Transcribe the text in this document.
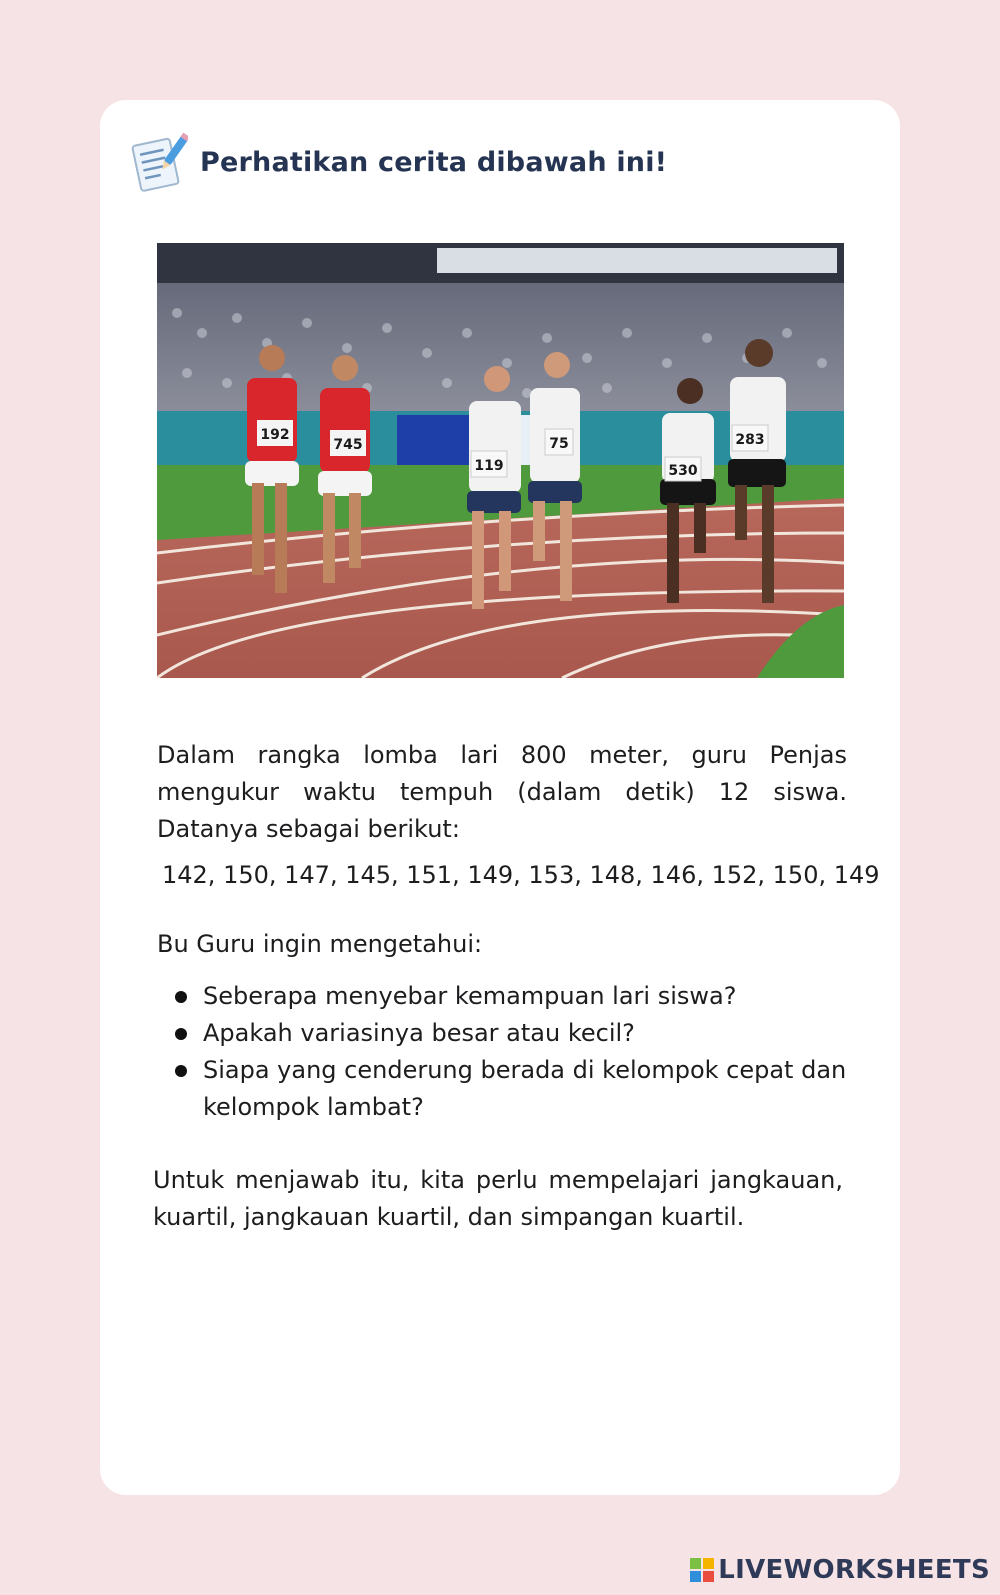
Perhatikan cerita dibawah ini!
192
745
119
75
530
283

Dalam rangka lomba lari 800 meter, guru Penjas mengukur waktu tempuh (dalam detik) 12 siswa. Datanya sebagai berikut:

142, 150, 147, 145, 151, 149, 153, 148, 146, 152, 150, 149

Bu Guru ingin mengetahui:

Seberapa menyebar kemampuan lari siswa?
Apakah variasinya besar atau kecil?
Siapa yang cenderung berada di kelompok cepat dan kelompok lambat?

Untuk menjawab itu, kita perlu mempelajari jangkauan, kuartil, jangkauan kuartil, dan simpangan kuartil.

LIVEWORKSHEETS
